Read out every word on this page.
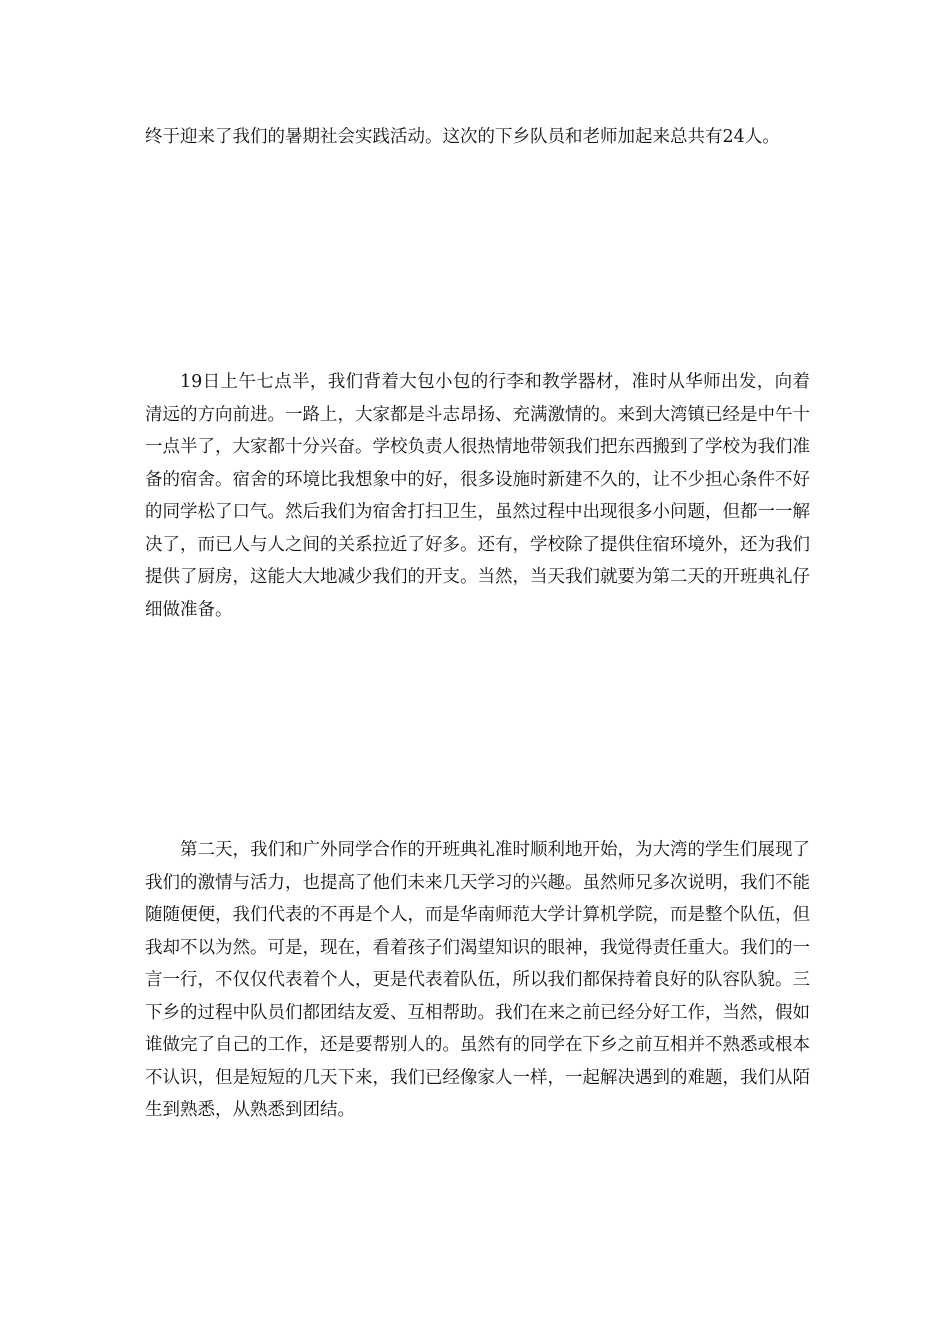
终于迎来了我们的暑期社会实践活动。这次的下乡队员和老师加起来总共有24人。

19日上午七点半，我们背着大包小包的行李和教学器材，准时从华师出发，向着清远的方向前进。一路上，大家都是斗志昂扬、充满激情的。来到大湾镇已经是中午十一点半了，大家都十分兴奋。学校负责人很热情地带领我们把东西搬到了学校为我们准备的宿舍。宿舍的环境比我想象中的好，很多设施时新建不久的，让不少担心条件不好的同学松了口气。然后我们为宿舍打扫卫生，虽然过程中出现很多小问题，但都一一解决了，而已人与人之间的关系拉近了好多。还有，学校除了提供住宿环境外，还为我们提供了厨房，这能大大地减少我们的开支。当然，当天我们就要为第二天的开班典礼仔细做准备。

第二天，我们和广外同学合作的开班典礼准时顺利地开始，为大湾的学生们展现了我们的激情与活力，也提高了他们未来几天学习的兴趣。虽然师兄多次说明，我们不能随随便便，我们代表的不再是个人，而是华南师范大学计算机学院，而是整个队伍，但我却不以为然。可是，现在，看着孩子们渴望知识的眼神，我觉得责任重大。我们的一言一行，不仅仅代表着个人，更是代表着队伍，所以我们都保持着良好的队容队貌。三下乡的过程中队员们都团结友爱、互相帮助。我们在来之前已经分好工作，当然，假如谁做完了自己的工作，还是要帮别人的。虽然有的同学在下乡之前互相并不熟悉或根本不认识，但是短短的几天下来，我们已经像家人一样，一起解决遇到的难题，我们从陌生到熟悉，从熟悉到团结。
